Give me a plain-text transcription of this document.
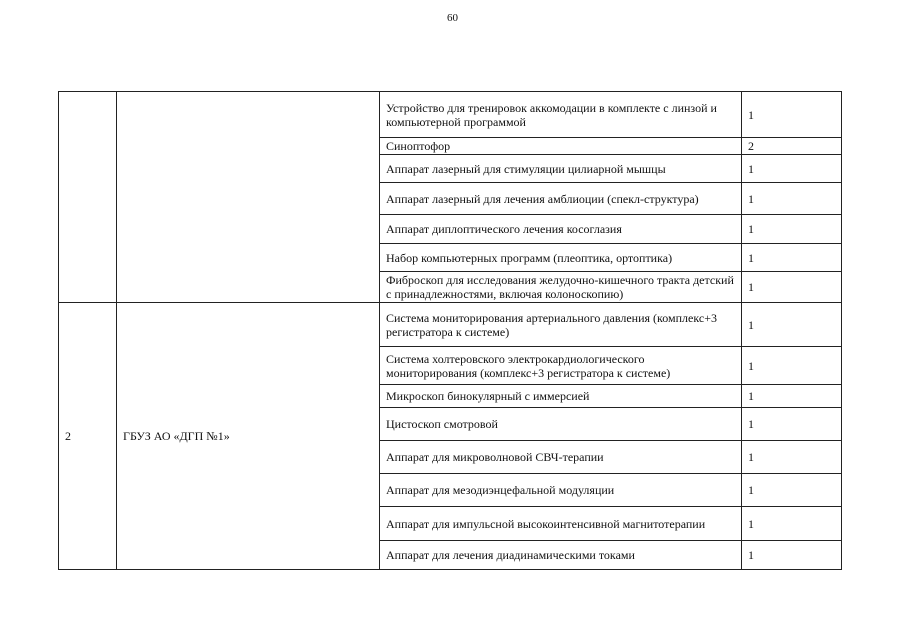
60
		Устройство для тренировок аккомодации в комплекте с линзой и компьютерной программой	1
		Синоптофор	2
		Аппарат лазерный для стимуляции цилиарной мышцы	1
		Аппарат лазерный для лечения амблиоции (спекл-структура)	1
		Аппарат диплоптического лечения косоглазия	1
		Набор компьютерных программ (плеоптика, ортоптика)	1
		Фиброскоп для исследования желудочно-кишечного тракта детский с принадлежностями, включая колоноскопию)	1
2	ГБУЗ АО «ДГП №1»	Система мониторирования артериального давления (комплекс+3 регистратора к системе)	1
		Система холтеровского электрокардиологического мониторирования (комплекс+3 регистратора к системе)	1
		Микроскоп бинокулярный с иммерсией	1
		Цистоскоп смотровой	1
		Аппарат для микроволновой СВЧ-терапии	1
		Аппарат для мезодиэнцефальной модуляции	1
		Аппарат для импульсной высокоинтенсивной магнитотерапии	1
		Аппарат для лечения диадинамическими токами	1
